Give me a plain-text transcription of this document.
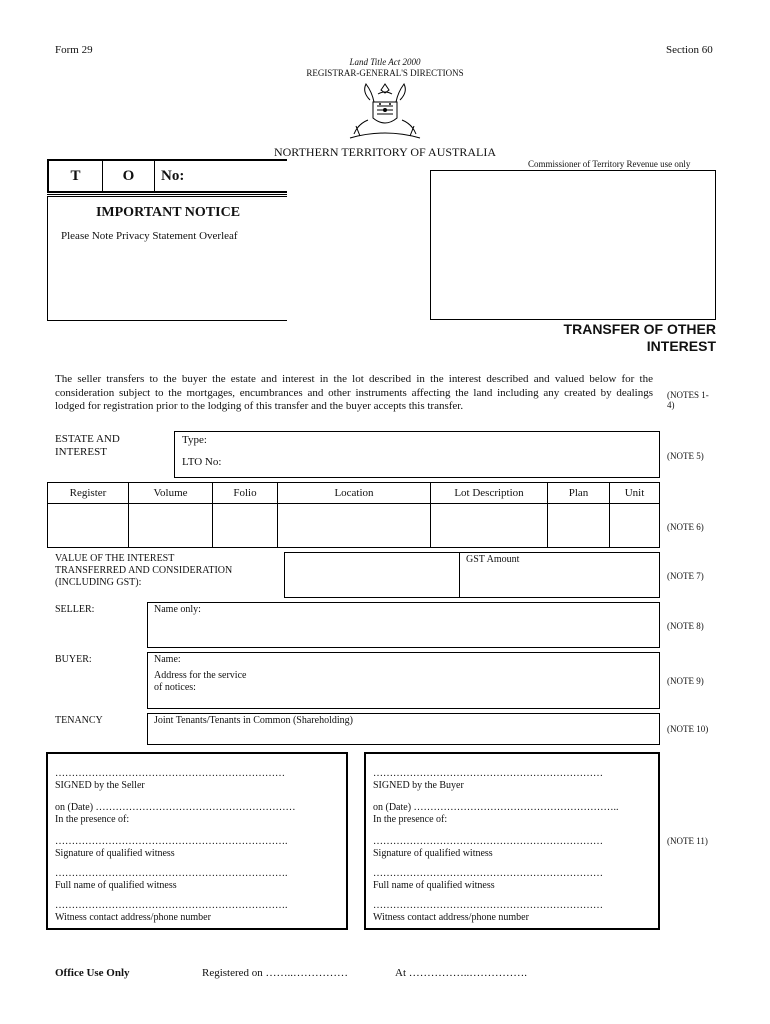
Form 29	Section 60
Land Title Act 2000
REGISTRAR-GENERAL'S DIRECTIONS
NORTHERN TERRITORY OF AUSTRALIA
Commissioner of Territory Revenue use only
T	O	No:
IMPORTANT NOTICE
Please Note Privacy Statement Overleaf
TRANSFER OF OTHER
INTEREST
The seller transfers to the buyer the estate and interest in the lot described in the interest described and valued below for the consideration subject to the mortgages, encumbrances and other instruments affecting the land including any created by dealings lodged for registration prior to the lodging of this transfer and the buyer accepts this transfer.
(NOTES 1-
4)
ESTATE AND
INTEREST
Type:
LTO No:	(NOTE 5)
Register	Volume	Folio	Location	Lot Description	Plan	Unit

(NOTE 6)
VALUE OF THE INTEREST
TRANSFERRED AND CONSIDERATION
(INCLUDING GST):
GST Amount
(NOTE 7)
SELLER:	Name only:
(NOTE 8)
BUYER:	Name:
Address for the service
of notices:
(NOTE 9)
TENANCY	Joint Tenants/Tenants in Common (Shareholding)
(NOTE 10)
……………………………………………………………
SIGNED by the Seller
on (Date) ……………………………………………………
In the presence of:
…………………………………………………………….
Signature of qualified witness
…………………………………………………………….
Full name of qualified witness
…………………………………………………………….
Witness contact address/phone number
……………………………………………………………
SIGNED by the Buyer
on (Date) ……………………………………………………..
In the presence of:
……………………………………………………………
Signature of qualified witness
……………………………………………………………
Full name of qualified witness
……………………………………………………………
Witness contact address/phone number
(NOTE 11)
Office Use Only	Registered on ……..……………	At ……………..…………….
